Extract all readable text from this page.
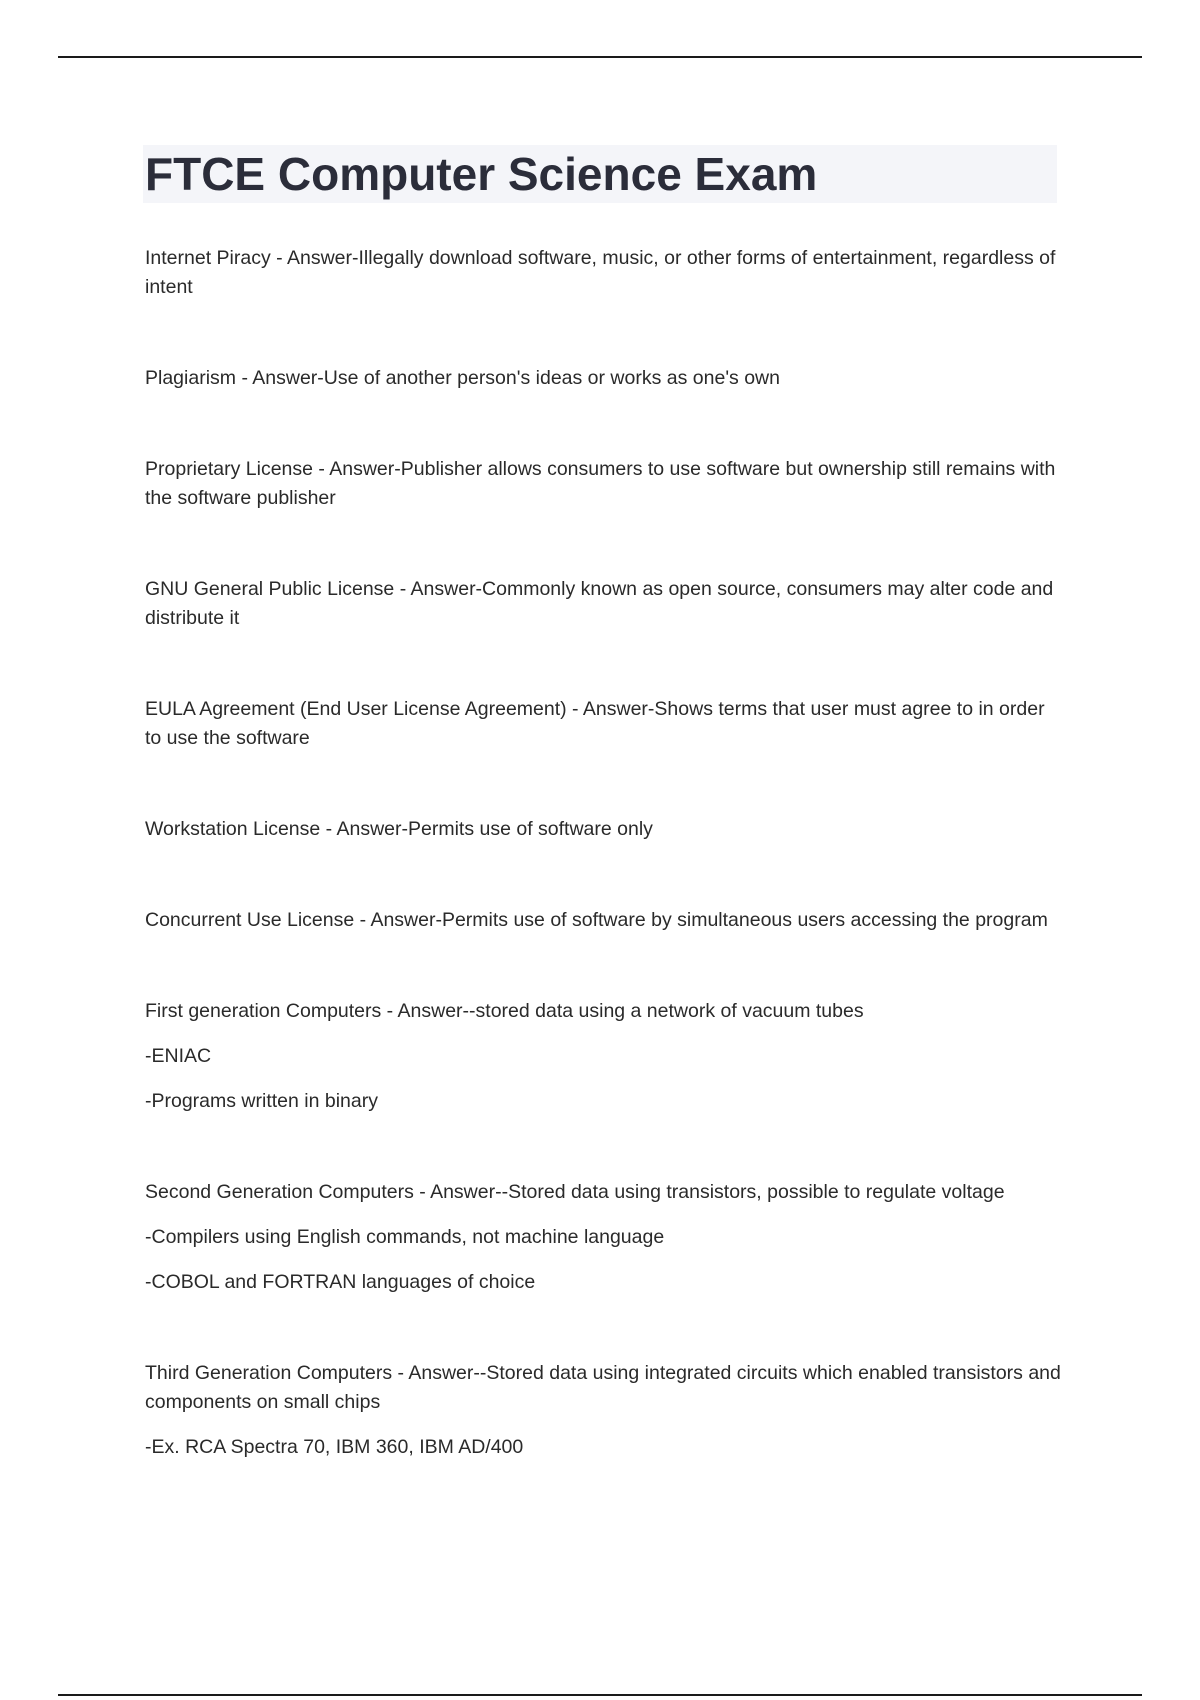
FTCE Computer Science Exam

Internet Piracy - Answer-Illegally download software, music, or other forms of entertainment, regardless of intent

Plagiarism - Answer-Use of another person's ideas or works as one's own

Proprietary License - Answer-Publisher allows consumers to use software but ownership still remains with the software publisher

GNU General Public License - Answer-Commonly known as open source, consumers may alter code and distribute it

EULA Agreement (End User License Agreement) - Answer-Shows terms that user must agree to in order to use the software

Workstation License - Answer-Permits use of software only

Concurrent Use License - Answer-Permits use of software by simultaneous users accessing the program

First generation Computers - Answer--stored data using a network of vacuum tubes

-ENIAC

-Programs written in binary

Second Generation Computers - Answer--Stored data using transistors, possible to regulate voltage

-Compilers using English commands, not machine language

-COBOL and FORTRAN languages of choice

Third Generation Computers - Answer--Stored data using integrated circuits which enabled transistors and components on small chips

-Ex. RCA Spectra 70, IBM 360, IBM AD/400
